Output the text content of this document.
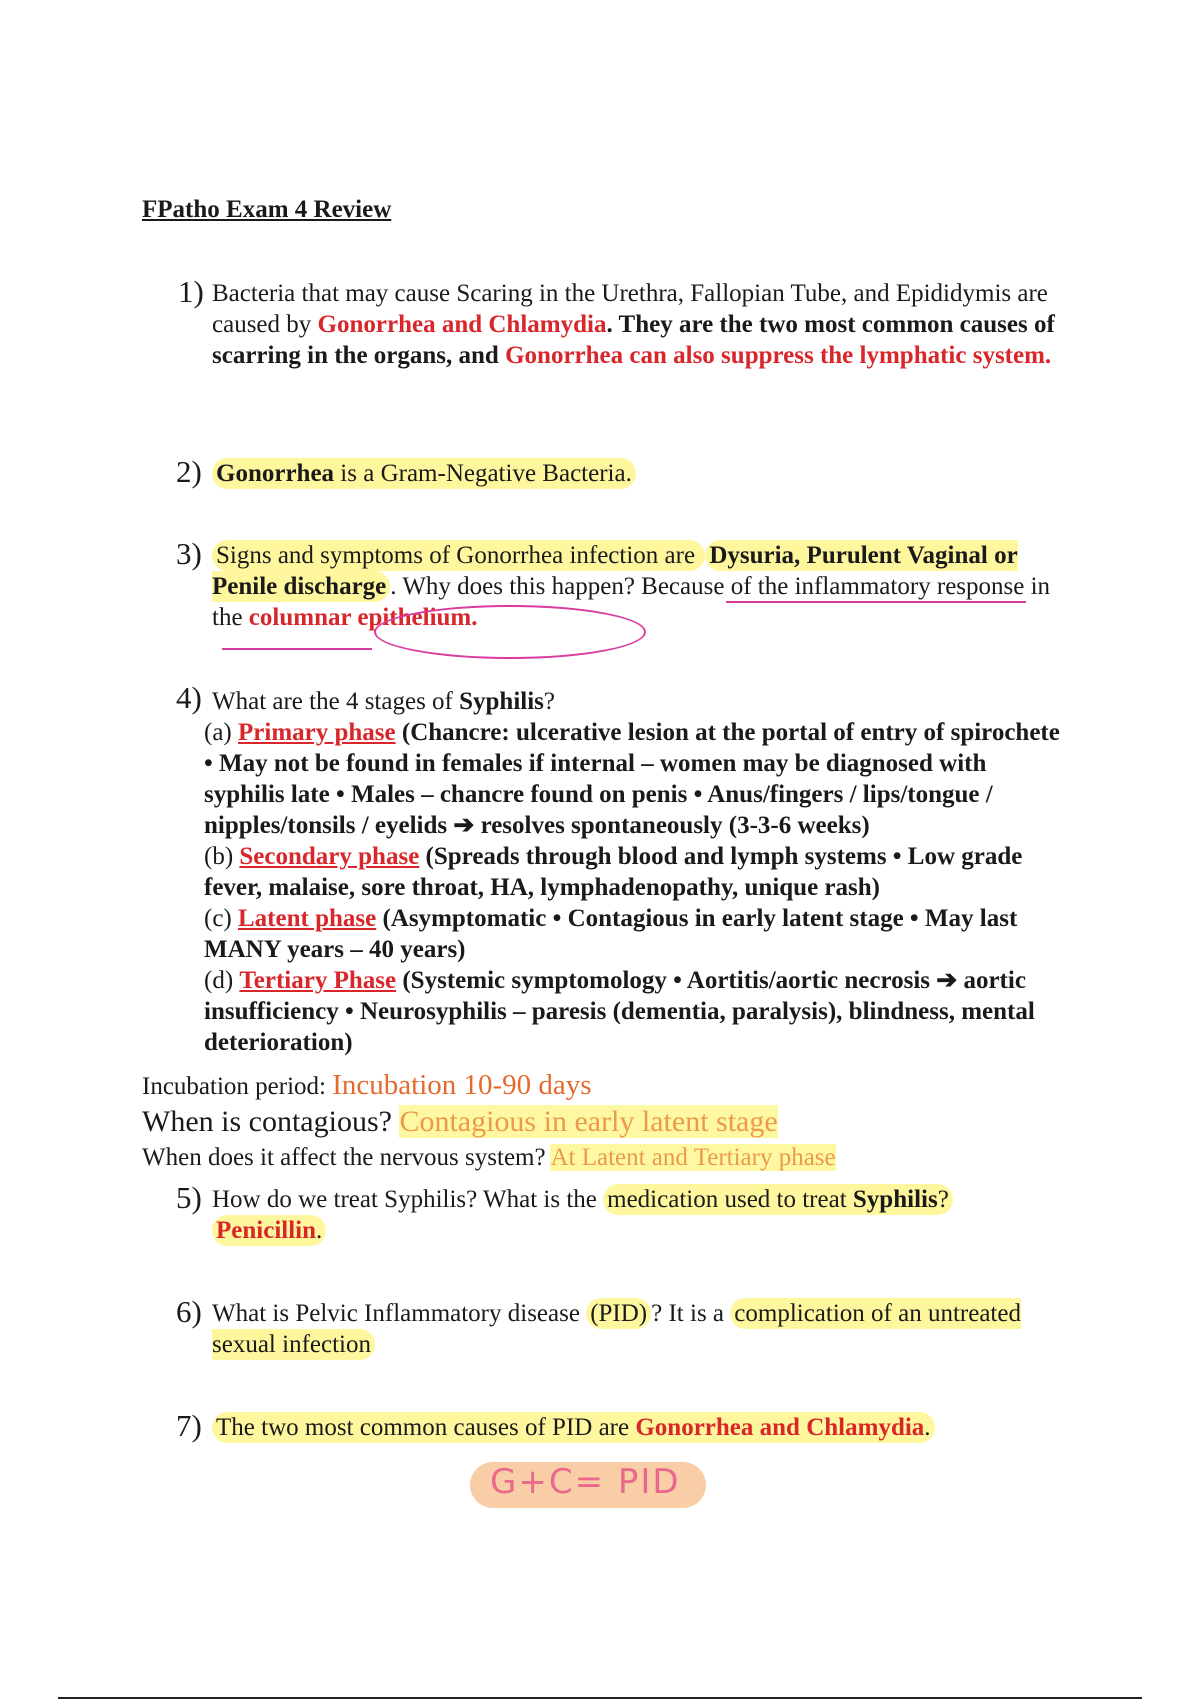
FPatho Exam 4 Review
1) Bacteria that may cause Scaring in the Urethra, Fallopian Tube, and Epididymis are caused by Gonorrhea and Chlamydia. They are the two most common causes of scarring in the organs, and Gonorrhea can also suppress the lymphatic system.
2) Gonorrhea is a Gram-Negative Bacteria.
3) Signs and symptoms of Gonorrhea infection are Dysuria, Purulent Vaginal or Penile discharge . Why does this happen? Because of the inflammatory response in the columnar epithelium.
4) What are the 4 stages of Syphilis?
(a) Primary phase (Chancre: ulcerative lesion at the portal of entry of spirochete • May not be found in females if internal – women may be diagnosed with syphilis late • Males – chancre found on penis • Anus/fingers / lips/tongue / nipples/tonsils / eyelids ➔ resolves spontaneously (3-3-6 weeks)
(b) Secondary phase (Spreads through blood and lymph systems • Low grade fever, malaise, sore throat, HA, lymphadenopathy, unique rash)
(c) Latent phase (Asymptomatic • Contagious in early latent stage • May last MANY years – 40 years)
(d) Tertiary Phase (Systemic symptomology • Aortitis/aortic necrosis ➔ aortic insufficiency • Neurosyphilis – paresis (dementia, paralysis), blindness, mental deterioration)
Incubation period: Incubation 10-90 days
When is contagious? Contagious in early latent stage
When does it affect the nervous system? At Latent and Tertiary phase
5) How do we treat Syphilis? What is the medication used to treat Syphilis? Penicillin.
6) What is Pelvic Inflammatory disease (PID) ? It is a complication of an untreated sexual infection
7) The two most common causes of PID are Gonorrhea and Chlamydia.
G+C= PID
